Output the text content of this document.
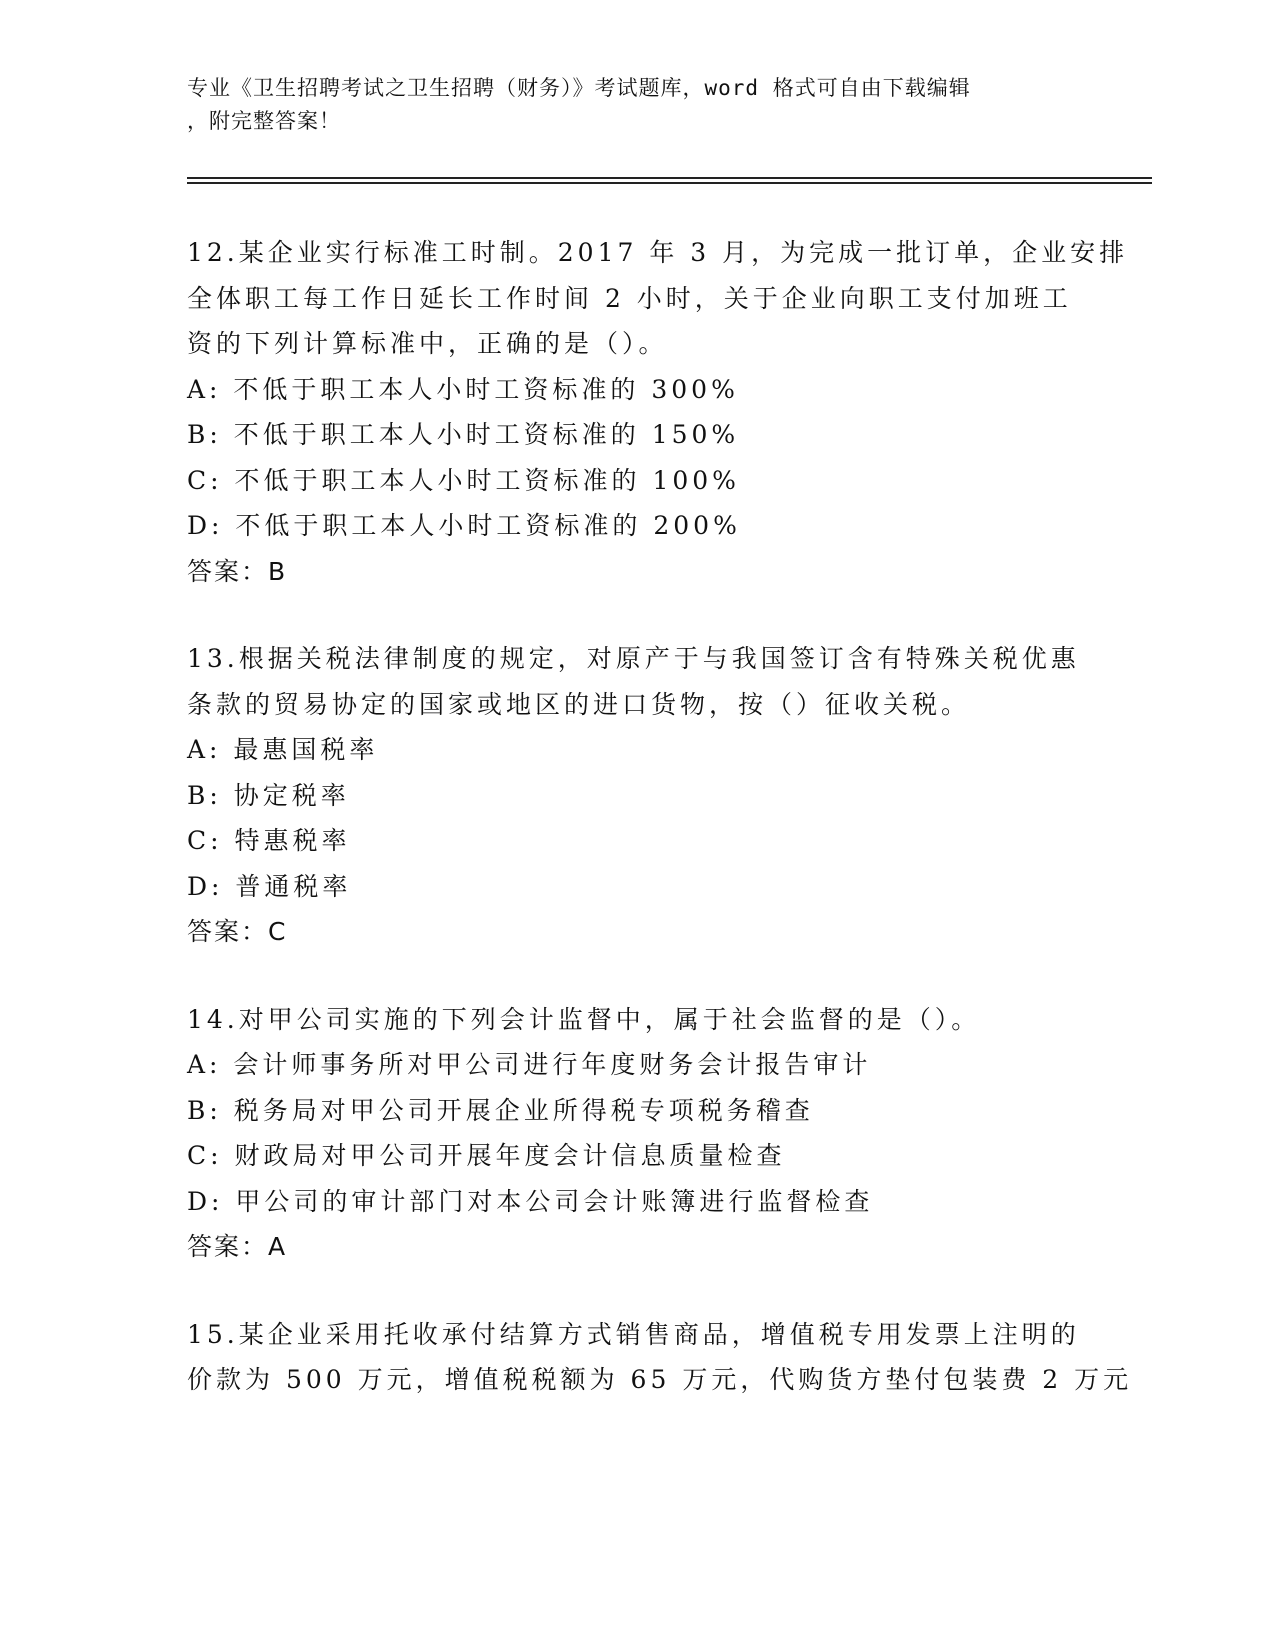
专业《卫生招聘考试之卫生招聘（财务）》考试题库，word 格式可自由下载编辑
，附完整答案！
12.某企业实行标准工时制。2017 年 3 月，为完成一批订单，企业安排
全体职工每工作日延长工作时间 2 小时，关于企业向职工支付加班工
资的下列计算标准中，正确的是（）。
A: 不低于职工本人小时工资标准的 300%
B: 不低于职工本人小时工资标准的 150%
C: 不低于职工本人小时工资标准的 100%
D: 不低于职工本人小时工资标准的 200%
答案：B
13.根据关税法律制度的规定，对原产于与我国签订含有特殊关税优惠
条款的贸易协定的国家或地区的进口货物，按（）征收关税。
A: 最惠国税率
B: 协定税率
C: 特惠税率
D: 普通税率
答案：C
14.对甲公司实施的下列会计监督中，属于社会监督的是（）。
A: 会计师事务所对甲公司进行年度财务会计报告审计
B: 税务局对甲公司开展企业所得税专项税务稽查
C: 财政局对甲公司开展年度会计信息质量检查
D: 甲公司的审计部门对本公司会计账簿进行监督检查
答案：A
15.某企业采用托收承付结算方式销售商品，增值税专用发票上注明的
价款为 500 万元，增值税税额为 65 万元，代购货方垫付包装费 2 万元
